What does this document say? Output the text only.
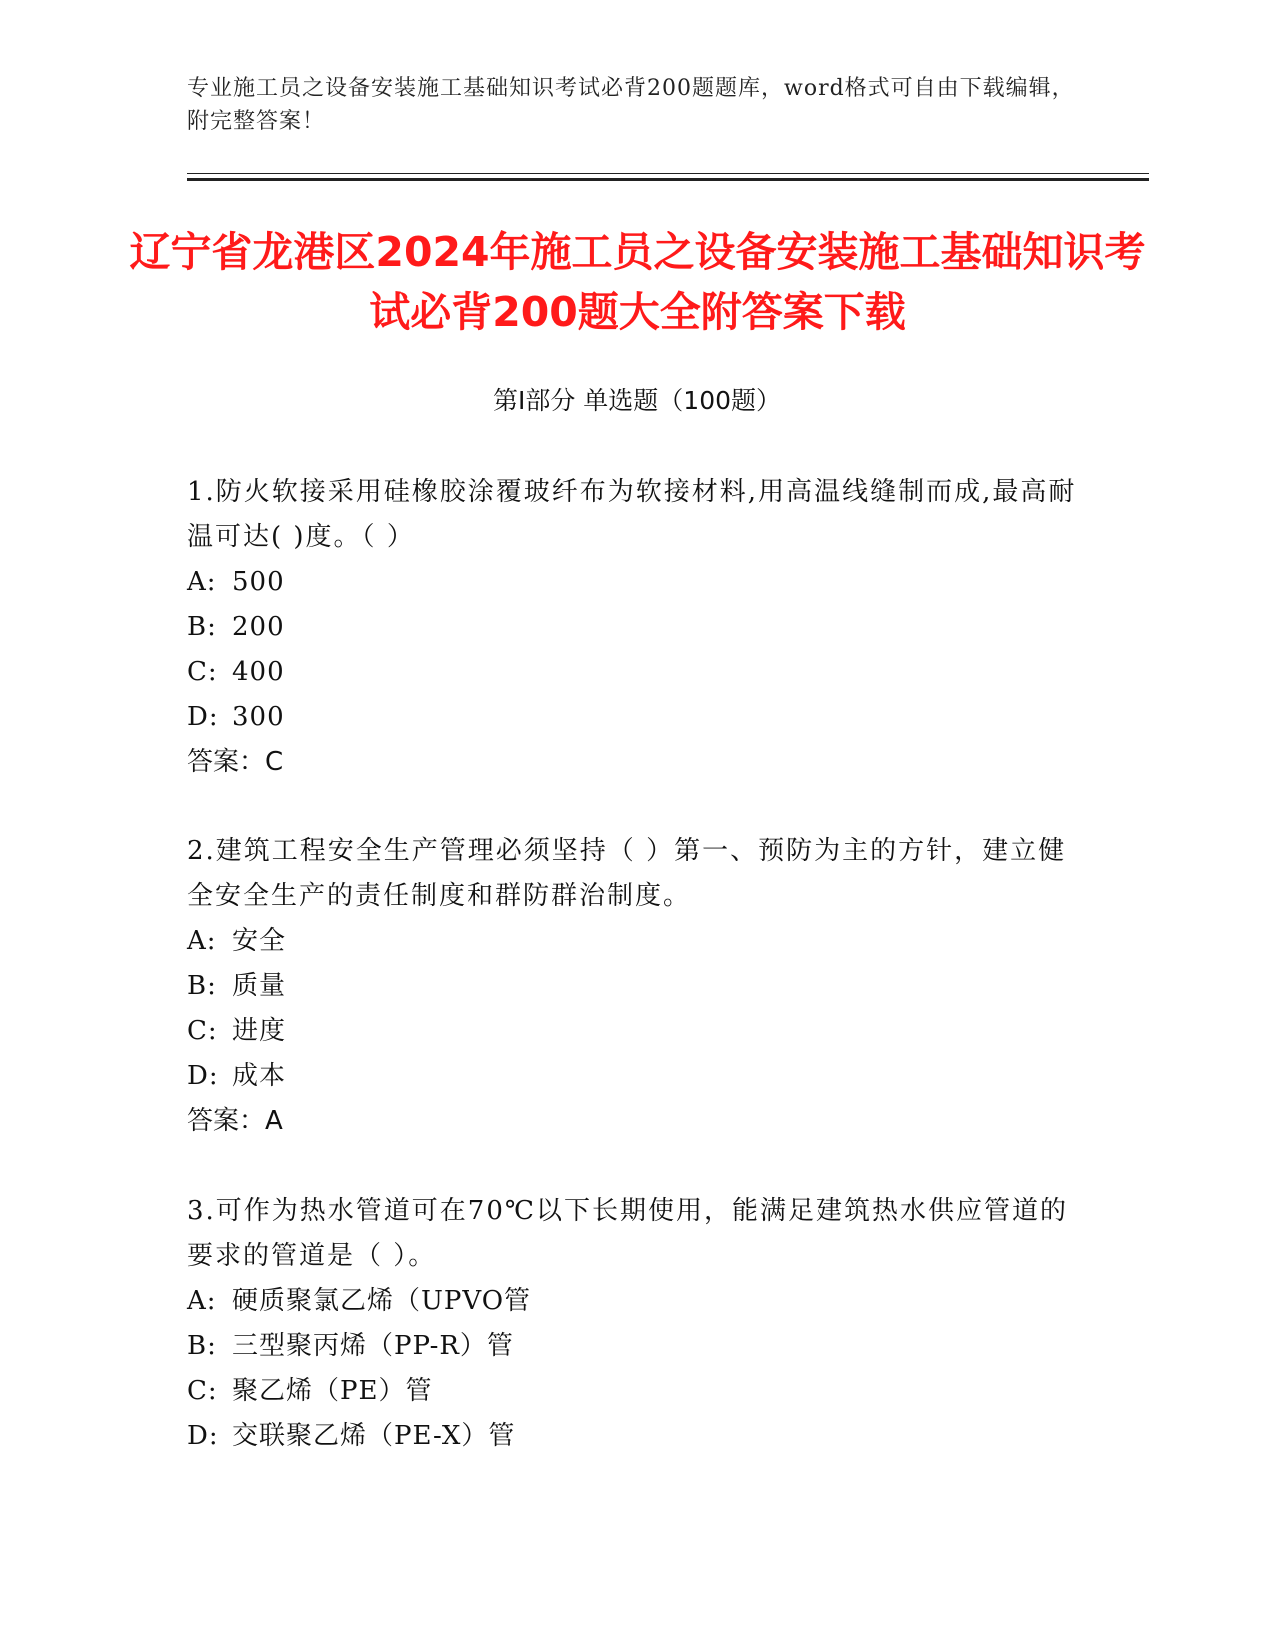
专业施工员之设备安装施工基础知识考试必背200题题库，word格式可自由下载编辑，附完整答案！
辽宁省龙港区2024年施工员之设备安装施工基础知识考试必背200题大全附答案下载
第Ⅰ部分 单选题（100题）

1.防火软接采用硅橡胶涂覆玻纤布为软接材料,用高温线缝制而成,最高耐温可达( )度。（ ）

A: 500

B: 200

C: 400

D: 300

答案：C

2.建筑工程安全生产管理必须坚持（ ）第一、预防为主的方针，建立健全安全生产的责任制度和群防群治制度。

A: 安全

B: 质量

C: 进度

D: 成本

答案：A

3.可作为热水管道可在70℃以下长期使用，能满足建筑热水供应管道的要求的管道是（ ）。

A: 硬质聚氯乙烯（UPVO管

B: 三型聚丙烯（PP-R）管

C: 聚乙烯（PE）管

D: 交联聚乙烯（PE-X）管
